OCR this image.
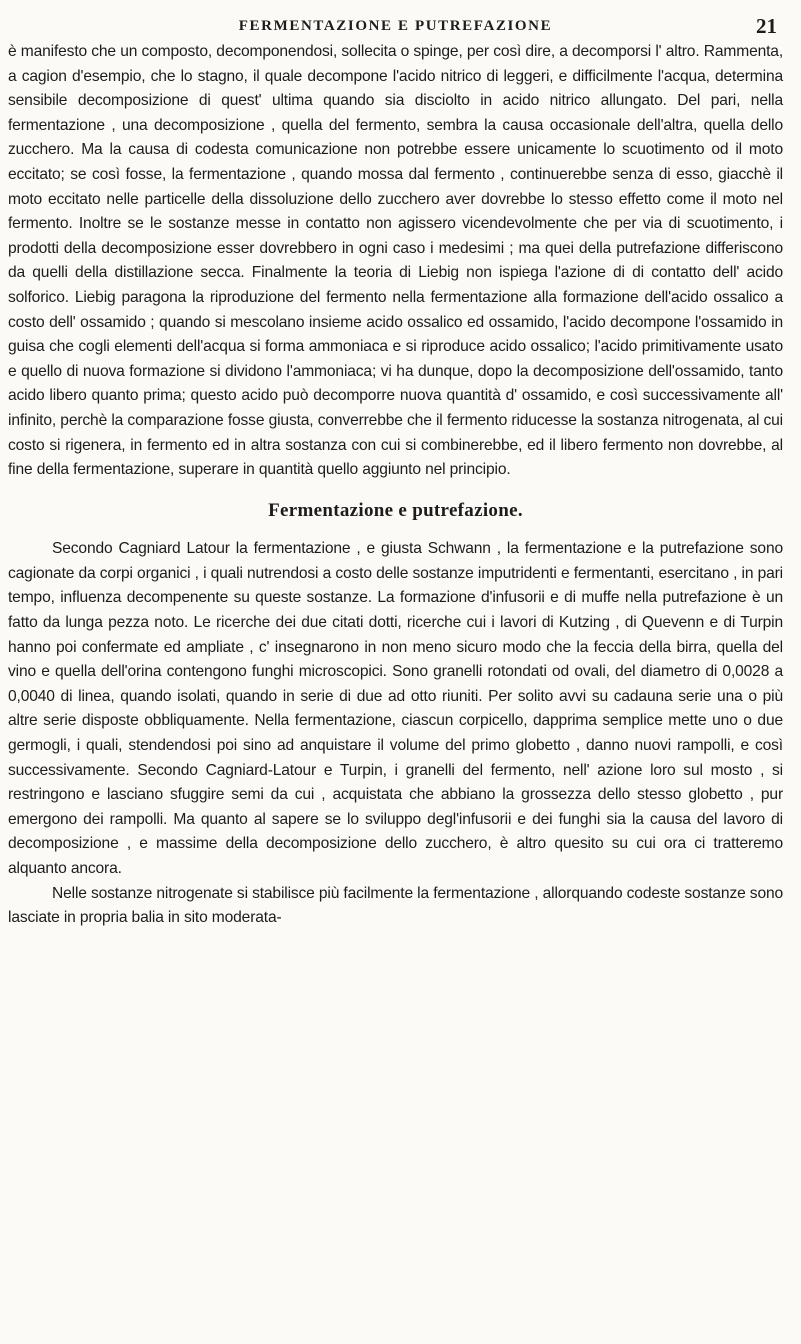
FERMENTAZIONE E PUTREFAZIONE	21

è manifesto che un composto, decomponendosi, sollecita o spinge, per così dire, a decomporsi l' altro. Rammenta, a cagion d'esempio, che lo stagno, il quale decompone l'acido nitrico di leggeri, e difficilmente l'acqua, determina sensibile decomposizione di quest' ultima quando sia disciolto in acido nitrico allungato. Del pari, nella fermentazione , una decomposizione , quella del fermento, sembra la causa occasionale dell'altra, quella dello zucchero. Ma la causa di codesta comunicazione non potrebbe essere unicamente lo scuotimento od il moto eccitato; se così fosse, la fermentazione , quando mossa dal fermento , continuerebbe senza di esso, giacchè il moto eccitato nelle particelle della dissoluzione dello zucchero aver dovrebbe lo stesso effetto come il moto nel fermento. Inoltre se le sostanze messe in contatto non agissero vicendevolmente che per via di scuotimento, i prodotti della decomposizione esser dovrebbero in ogni caso i medesimi ; ma quei della putrefazione differiscono da quelli della distillazione secca. Finalmente la teoria di Liebig non ispiega l'azione di di contatto dell' acido solforico. Liebig paragona la riproduzione del fermento nella fermentazione alla formazione dell'acido ossalico a costo dell' ossamido ; quando si mescolano insieme acido ossalico ed ossamido, l'acido decompone l'ossamido in guisa che cogli elementi dell'acqua si forma ammoniaca e si riproduce acido ossalico; l'acido primitivamente usato e quello di nuova formazione si dividono l'ammoniaca; vi ha dunque, dopo la decomposizione dell'ossamido, tanto acido libero quanto prima; questo acido può decomporre nuova quantità d' ossamido, e così successivamente all' infinito, perchè la comparazione fosse giusta, converrebbe che il fermento riducesse la sostanza nitrogenata, al cui costo si rigenera, in fermento ed in altra sostanza con cui si combinerebbe, ed il libero fermento non dovrebbe, al fine della fermentazione, superare in quantità quello aggiunto nel principio.

Fermentazione e putrefazione.

Secondo Cagniard Latour la fermentazione , e giusta Schwann , la fermentazione e la putrefazione sono cagionate da corpi organici , i quali nutrendosi a costo delle sostanze imputridenti e fermentanti, esercitano , in pari tempo, influenza decompenente su queste sostanze. La formazione d'infusorii e di muffe nella putrefazione è un fatto da lunga pezza noto. Le ricerche dei due citati dotti, ricerche cui i lavori di Kutzing , di Quevenn e di Turpin hanno poi confermate ed ampliate , c' insegnarono in non meno sicuro modo che la feccia della birra, quella del vino e quella dell'orina contengono funghi microscopici. Sono granelli rotondati od ovali, del diametro di 0,0028 a 0,0040 di linea, quando isolati, quando in serie di due ad otto riuniti. Per solito avvi su cadauna serie una o più altre serie disposte obbliquamente. Nella fermentazione, ciascun corpicello, dapprima semplice mette uno o due germogli, i quali, stendendosi poi sino ad anquistare il volume del primo globetto , danno nuovi rampolli, e così successivamente. Secondo Cagniard-Latour e Turpin, i granelli del fermento, nell' azione loro sul mosto , si restringono e lasciano sfuggire semi da cui , acquistata che abbiano la grossezza dello stesso globetto , pur emergono dei rampolli. Ma quanto al sapere se lo sviluppo degl'infusorii e dei funghi sia la causa del lavoro di decomposizione , e massime della decomposizione dello zucchero, è altro quesito su cui ora ci tratteremo alquanto ancora.

Nelle sostanze nitrogenate si stabilisce più facilmente la fermentazione , allorquando codeste sostanze sono lasciate in propria balia in sito moderata-
